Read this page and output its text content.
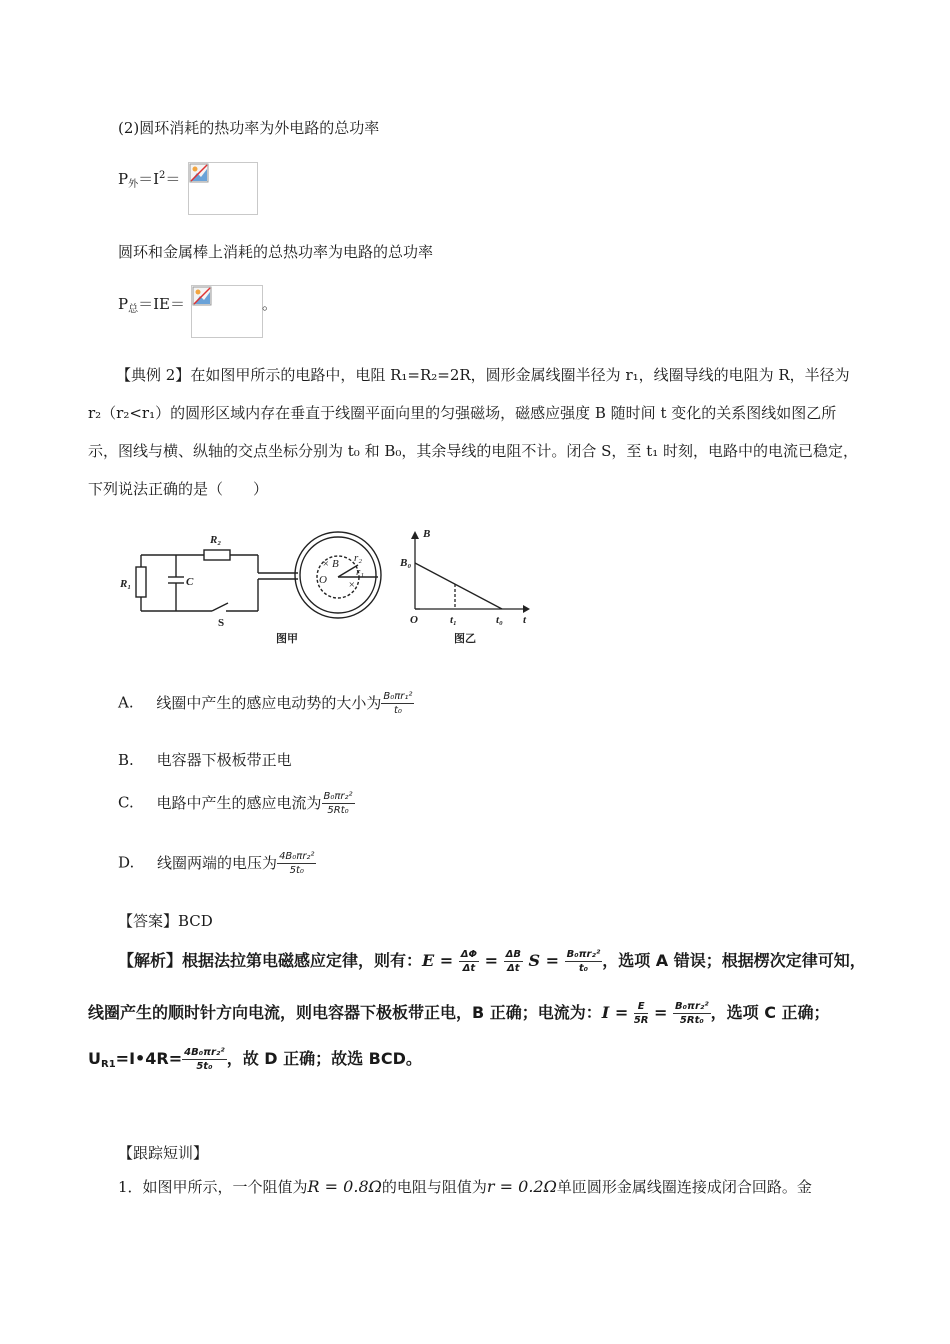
(2)圆环消耗的热功率为外电路的总功率
$P_外=I^2=$
圆环和金属棒上消耗的总热功率为电路的总功率
$P_总=IE=$	。
【典例 2】在如图甲所示的电路中，电阻 R₁=R₂=2R，圆形金属线圈半径为 r₁，线圈导线的电阻为 R，半径为 r₂（r₂<r₁）的圆形区域内存在垂直于线圈平面向里的匀强磁场，磁感应强度 B 随时间 t 变化的关系图线如图乙所示，图线与横、纵轴的交点坐标分别为 t₀ 和 B₀，其余导线的电阻不计。闭合 S，至 t₁ 时刻，电路中的电流已稳定，下列说法正确的是（　　）
R₁	C
R₂
S
× B
O ×
r₂
r₁
图甲
B
t
B₀
O	t₁	t₀
图乙
A. 线圈中产生的感应电动势的大小为 $\frac{\text{B₀πr₁²}}{\text{t₀}}$
B. 电容器下极板带正电
C. 电路中产生的感应电流为 $\frac{\text{B₀πr₂²}}{\text{5Rt₀}}$
D. 线圈两端的电压为 $\frac{\text{4B₀πr₂²}}{\text{5t₀}}$
【答案】BCD
【解析】根据法拉第电磁感应定律，则有：$E = \frac{\Delta\Phi}{\Delta t} = \frac{\Delta B}{\Delta t}$ $S = \frac{\text{B₀πr₂²}}{\text{t₀}}$ ，选项 A 错误；根据楞次定律可知，
线圈产生的顺时针方向电流，则电容器下极板带正电，B 正确；电流为：$I = \frac{E}{5R} = \frac{\text{B₀πr₂²}}{\text{5Rt₀}}$ ，选项 C 正确；
$U_{R1}=I•4R= \frac{\text{4B₀πr₂²}}{\text{5t₀}}$ ，故 D 正确；故选 BCD。
【跟踪短训】
1．如图甲所示，一个阻值为R = 0.8Ω的电阻与阻值为r = 0.2Ω单匝圆形金属线圈连接成闭合回路。金
